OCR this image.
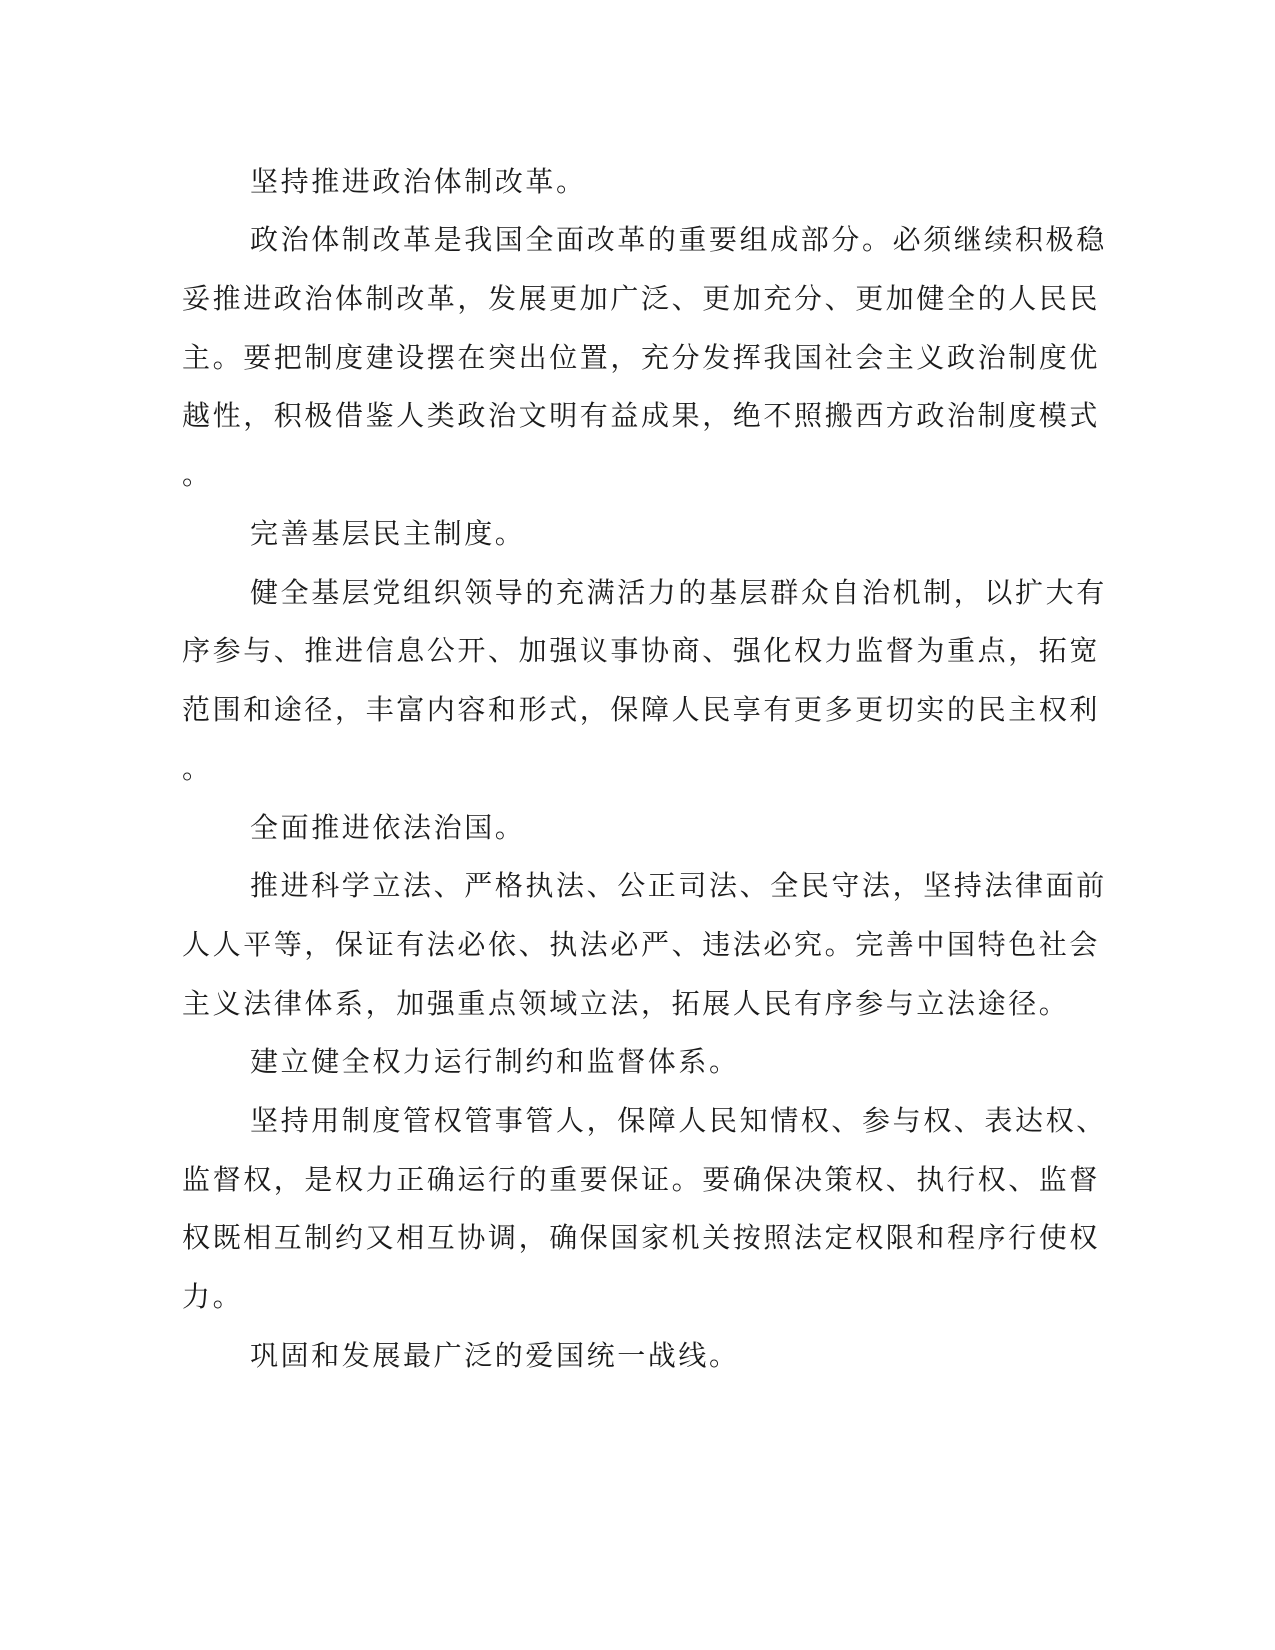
坚持推进政治体制改革。

政治体制改革是我国全面改革的重要组成部分。必须继续积极稳

妥推进政治体制改革，发展更加广泛、更加充分、更加健全的人民民

主。要把制度建设摆在突出位置，充分发挥我国社会主义政治制度优

越性，积极借鉴人类政治文明有益成果，绝不照搬西方政治制度模式

。

完善基层民主制度。

健全基层党组织领导的充满活力的基层群众自治机制，以扩大有

序参与、推进信息公开、加强议事协商、强化权力监督为重点，拓宽

范围和途径，丰富内容和形式，保障人民享有更多更切实的民主权利

。

全面推进依法治国。

推进科学立法、严格执法、公正司法、全民守法，坚持法律面前

人人平等，保证有法必依、执法必严、违法必究。完善中国特色社会

主义法律体系，加强重点领域立法，拓展人民有序参与立法途径。

建立健全权力运行制约和监督体系。

坚持用制度管权管事管人，保障人民知情权、参与权、表达权、

监督权，是权力正确运行的重要保证。要确保决策权、执行权、监督

权既相互制约又相互协调，确保国家机关按照法定权限和程序行使权

力。

巩固和发展最广泛的爱国统一战线。
